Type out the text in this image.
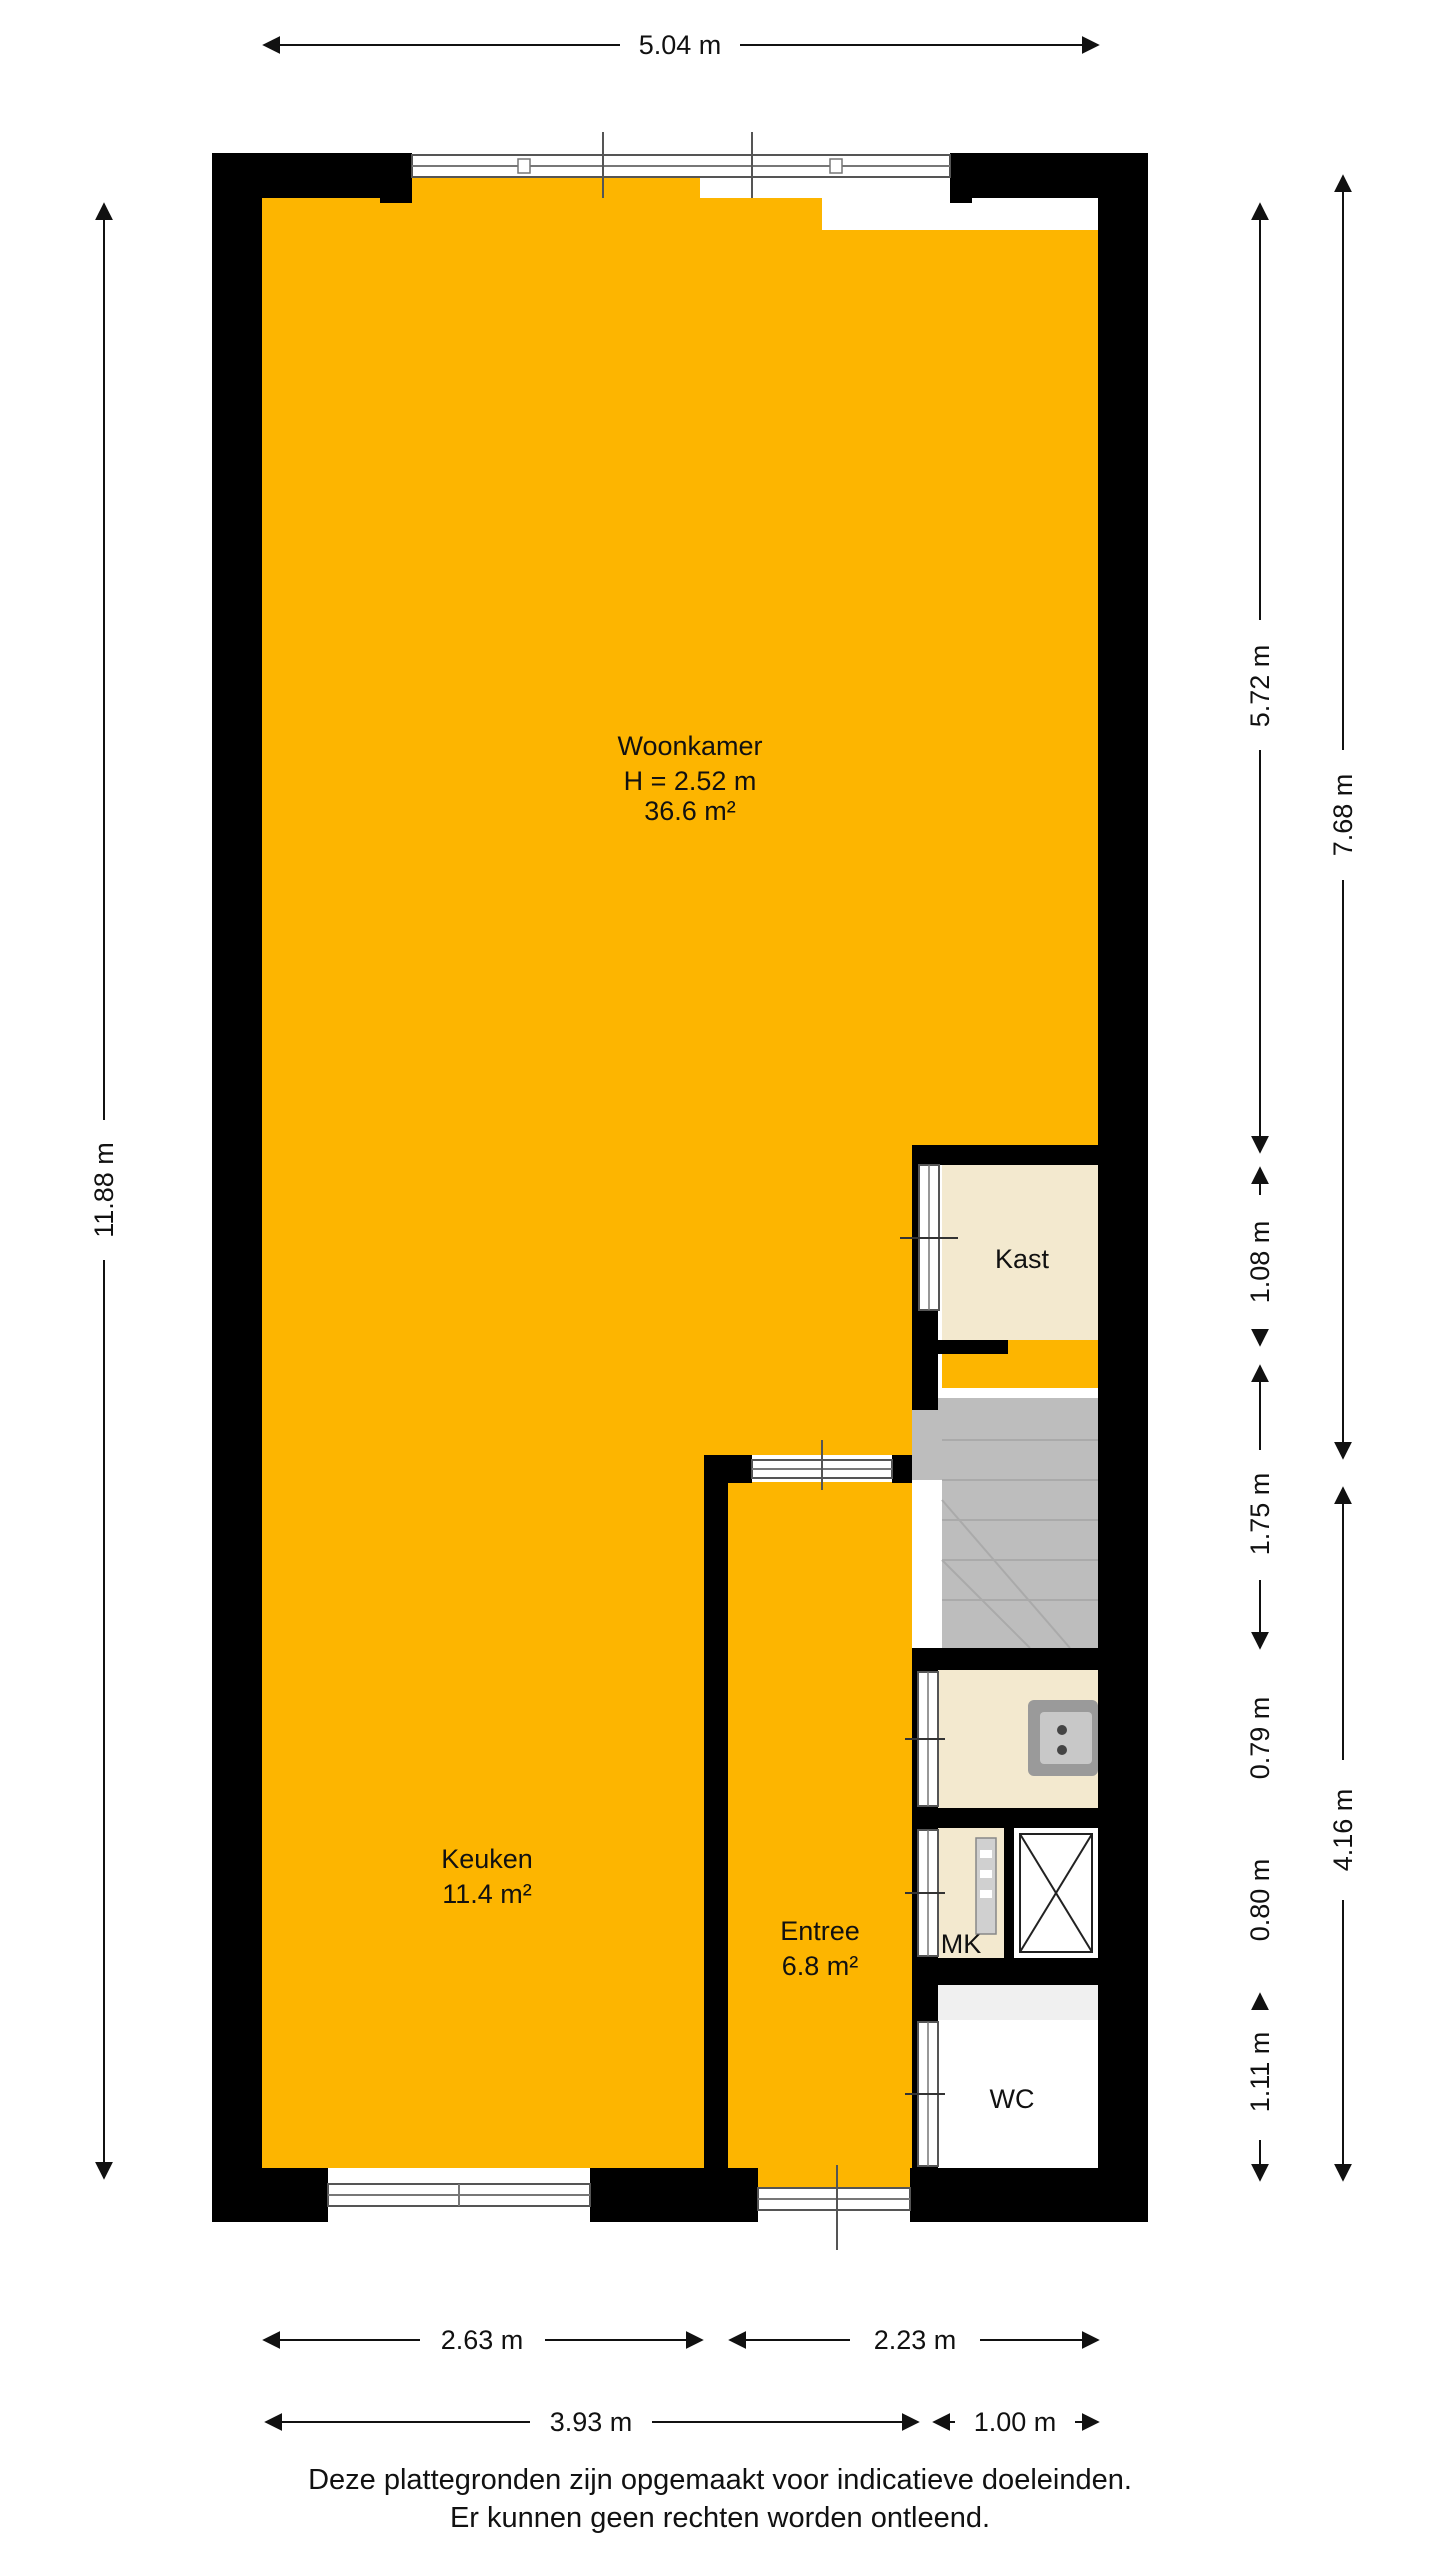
Woonkamer
H = 2.52 m
36.6 m²
Keuken
11.4 m²
Entree
6.8 m²
Kast
MK
WC
5.04 m
11.88 m
5.72 m
1.08 m
1.75 m
0.79 m
0.80 m
1.11 m
7.68 m
4.16 m
2.63 m	2.23 m
3.93 m	1.00 m
Deze plattegronden zijn opgemaakt voor indicatieve doeleinden.
Er kunnen geen rechten worden ontleend.
